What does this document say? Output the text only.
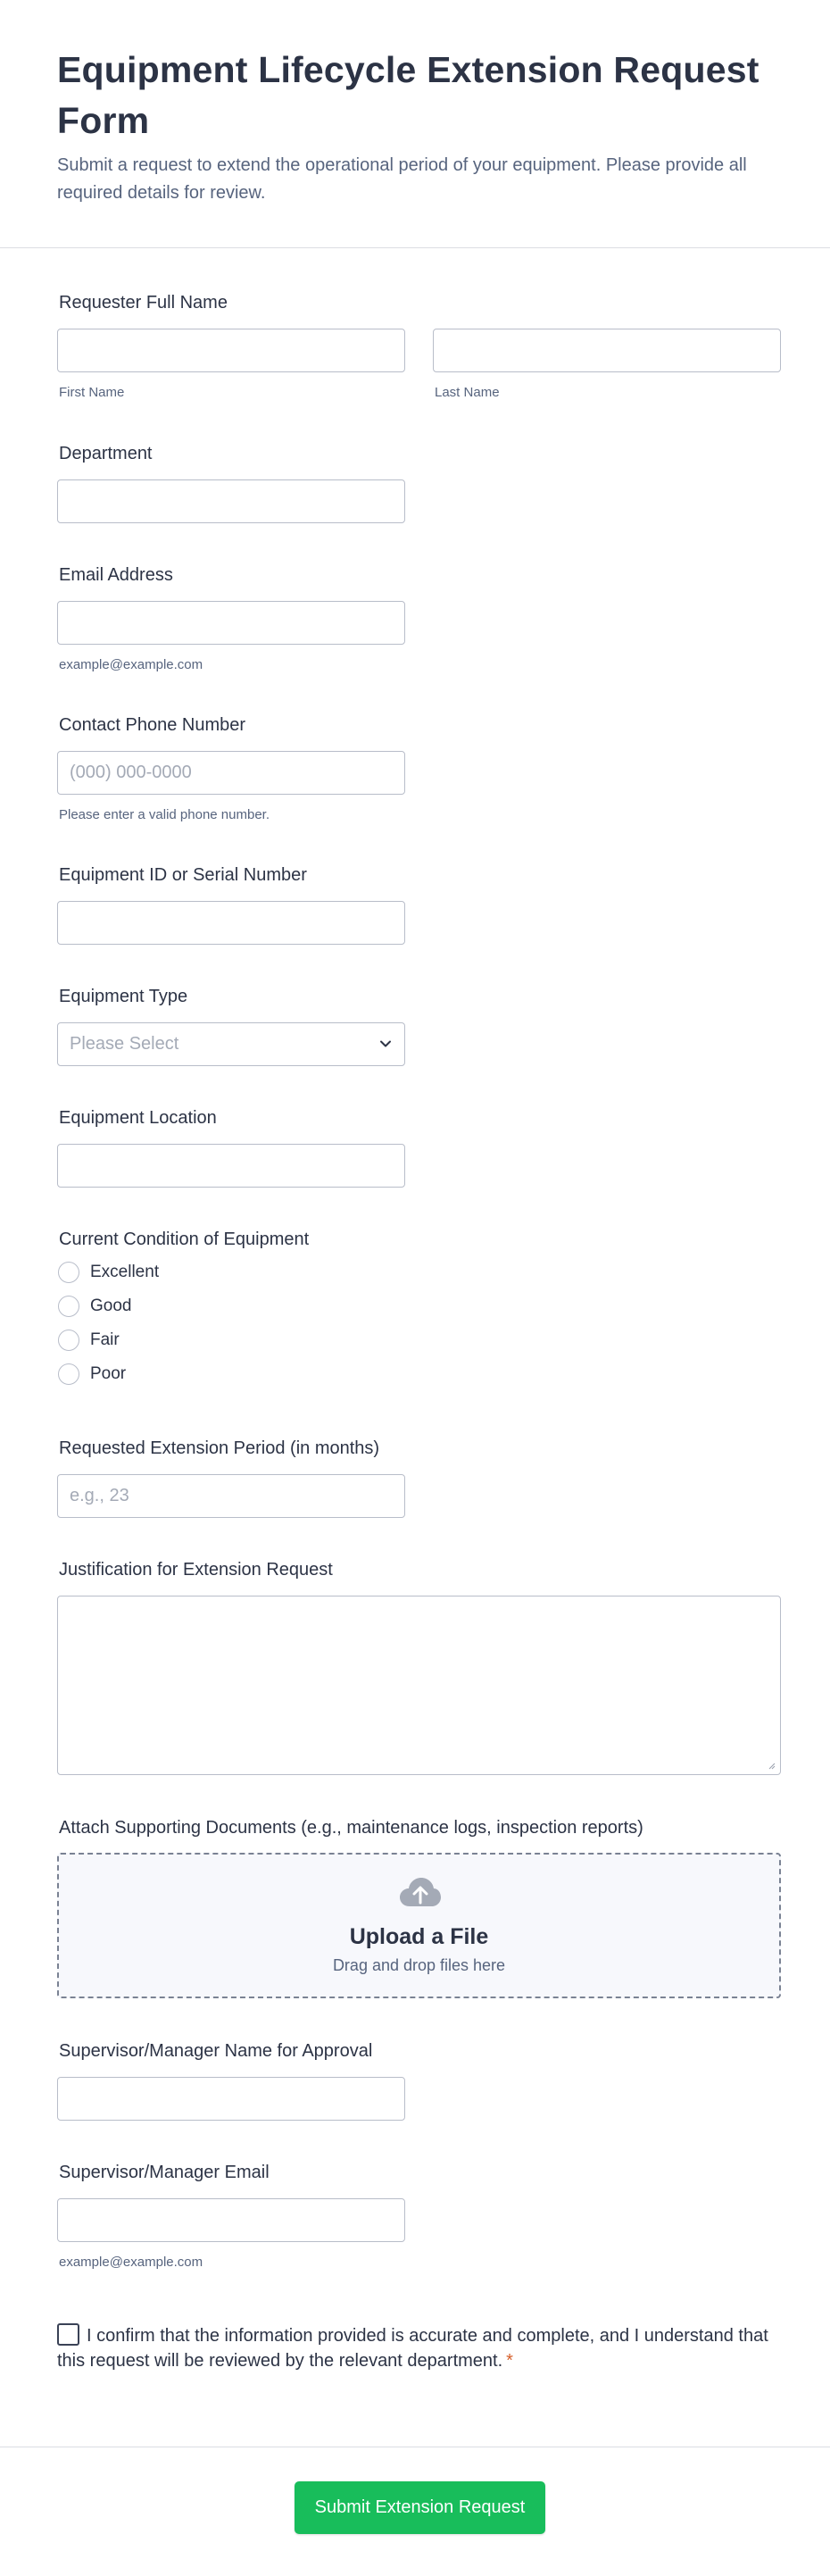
Equipment Lifecycle Extension Request Form

Submit a request to extend the operational period of your equipment. Please provide all required details for review.

Requester Full Name
First Name	Last Name
Department
Email Address
example@example.com
Contact Phone Number
(000) 000-0000
Please enter a valid phone number.
Equipment ID or Serial Number
Equipment Type
Please Select
Equipment Location
Current Condition of Equipment
Excellent
Good
Fair
Poor
Requested Extension Period (in months)
e.g., 23
Justification for Extension Request
Attach Supporting Documents (e.g., maintenance logs, inspection reports)
Upload a File
Drag and drop files here
Supervisor/Manager Name for Approval
Supervisor/Manager Email
example@example.com
I confirm that the information provided is accurate and complete, and I understand that this request will be reviewed by the relevant department. *
Submit Extension Request
